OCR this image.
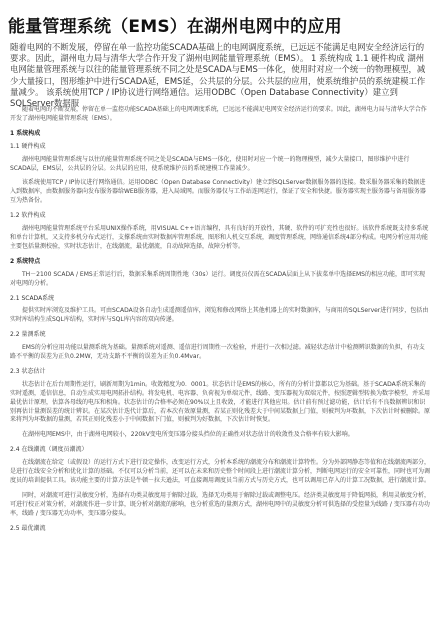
能量管理系统（EMS）在湖州电网中的应用

随着电网的不断发展，停留在单一监控功能SCADA基础上的电网调度系统，已远远不能满足电网安全经济运行的要求。因此，湖州电力局与清华大学合作开发了湖州电网能量管理系统（EMS）。 1 系统构成 1.1 硬件构成 湖州电网能量管理系统与以往的能量管理系统不同之处是SCADA与EMS一体化，使用时对应一个统一的物理模型，减少大量接口，图形维护中进行SCADA延，EMS延，公共层的分层。公共层的应用，使系统维护员的系统建模工作量减少。 该系统使用TCP / IP协议进行网络通信。运用ODBC（Open Database Connectivity）建立到SQLServer数据服

随着电网的不断发展，停留在单一监控功能SCADA基础上的电网调度系统，已远远不能满足电网安全经济运行的要求。因此，湖州电力局与清华大学合作开发了湖州电网能量管理系统（EMS）。

1 系统构成

1.1 硬件构成

湖州电网能量管理系统与以往的能量管理系统不同之处是SCADA与EMS一体化，使用时对应一个统一的物理模型，减少大量接口，图形维护中进行SCADA层，EMS层，公共层的分层。公共层的应用，使系统维护员的系统建模工作量减少。

该系统使用TCP / IP协议进行网络通信。运用ODBC（Open Database Connectivity）建立到SQLServer数据服务器的连接。数采服务器采集的数据进入到数据库，由数据服务器向发布服务器给WEB服务器，进入局域网。而服务器仅与工作站连网运行，保证了安全和快捷。服务器实现主服务器与备用服务器互为热备份。

1.2 软件构成

湖州电网能量管理系统平台采用UNIX操作系统，用VISUAL C++语言编程，具有良好的开放性，其硬、软件的可扩充性也很好。该软件系统既支持多系统和单台计算机，又支持多机分布式运行，支撑系统由实时数据库管理系统，图形和人机交互系统，调度管理系统，网络通信系统4部分构成。电网分析应用功能主要包括量测校验，实时状态估计，在线潮流，最优潮流，自动故障选择，故障分析等。

2 系统特点

TH－2100 SCADA / EMS正常运行后，数据采集系统周期性地（30s）运行。调度员仅需在SCADA层面上从下拔菜单中选择EMS的相应功能，即可实现对电网的分析。

2.1 SCADA系统

提供实时库浏览及维护工具。可由SCADA设备自动生成遥测遥信库，浏览和修改网络上其他机器上的实时数据库，与商用的SQLServer进行同步，包括由实时库结构生成SQL库结构，实时库与SQL库内容的双向传递。

2.2 量测系统

EMS的分析应用功能以量测系统为基础。量测系统对遥测、遥信进行周期性一次检验，并进行一次相过滤。减轻状态估计中检测辨识数据的负担，有功支路不平衡的误差为正负0.2MW，无功支路不平衡的误差为正负0.4Mvar。

2.3 状态估计

状态估计在后台周期性运行，刷新周期为1min。收敛精度为0．0001。状态估计是EMS的核心，所有的分析计算都以它为基础。基于SCADA系统采集的实时遥测，遥信信息，自动生成实用电网拓扑结构。将发电机、电容器、负荷视为单端元件，线路、变压器视为双端元件，按照逻辑型转换为数字模型，并采用最优估计原理，估算各母线的电压和相角。状态估计的合格率必须在90%以上且收敛，才能进行其他应用。估计前有预过滤功能，估计后有不良数据辨识和识别再估计量测误差的统计辨识。在某次估计迭代计算后，若本次有效原量测，若某正则化残差大于中间某数据上门值，则被判为坏数据，下次估计时被删除。原来将判为坏数据的量测，若其正则化残差小于中间数据下门值，则被判为好数据，下次估计时恢复。

在湖州电网EMS中，由于湖州电网较小，220kV变电所变压器分接头挡位的正确性对状态估计的收敛性及合格率有较大影响。

2.4 在线潮流（调度员潮流）

在线潮流在给定（或假设）的运行方式下进行设定操作，改变运行方式，分析本系统的潮流分布和潮流计算特性。分为外部网静态等值和在线潮流两部分，是进行在线安全分析和优化计算的基础。不仅可以分析当前，还可以在未来和历史整个时间段上进行潮流计算分析，判断电网运行的安全可靠性，同时也可为调度员的培训提供工具。该功能主要的计算方法是牛顿－拉夫逊法，可直接调用调度员当前方式与历史方式，也可以调用已存入的计算工况数据，进行潮流计算。

同时，对潮流可进行灵敏度分析，选择有功类灵敏度用于解除过载，选择无功类用于解除过载或调整电压。经济类灵敏度用于降低网损，利用灵敏度分析，可进行校正对策分析，对潮流作进一步计算，既分析对潮流的影响，也分析重选的量测方式，湖州电网中的灵敏度分析可供选择的受控量为线路 / 变压器有功功率，线路 / 变压器无功功率，变压器分接头。

2.5 最优潮流
